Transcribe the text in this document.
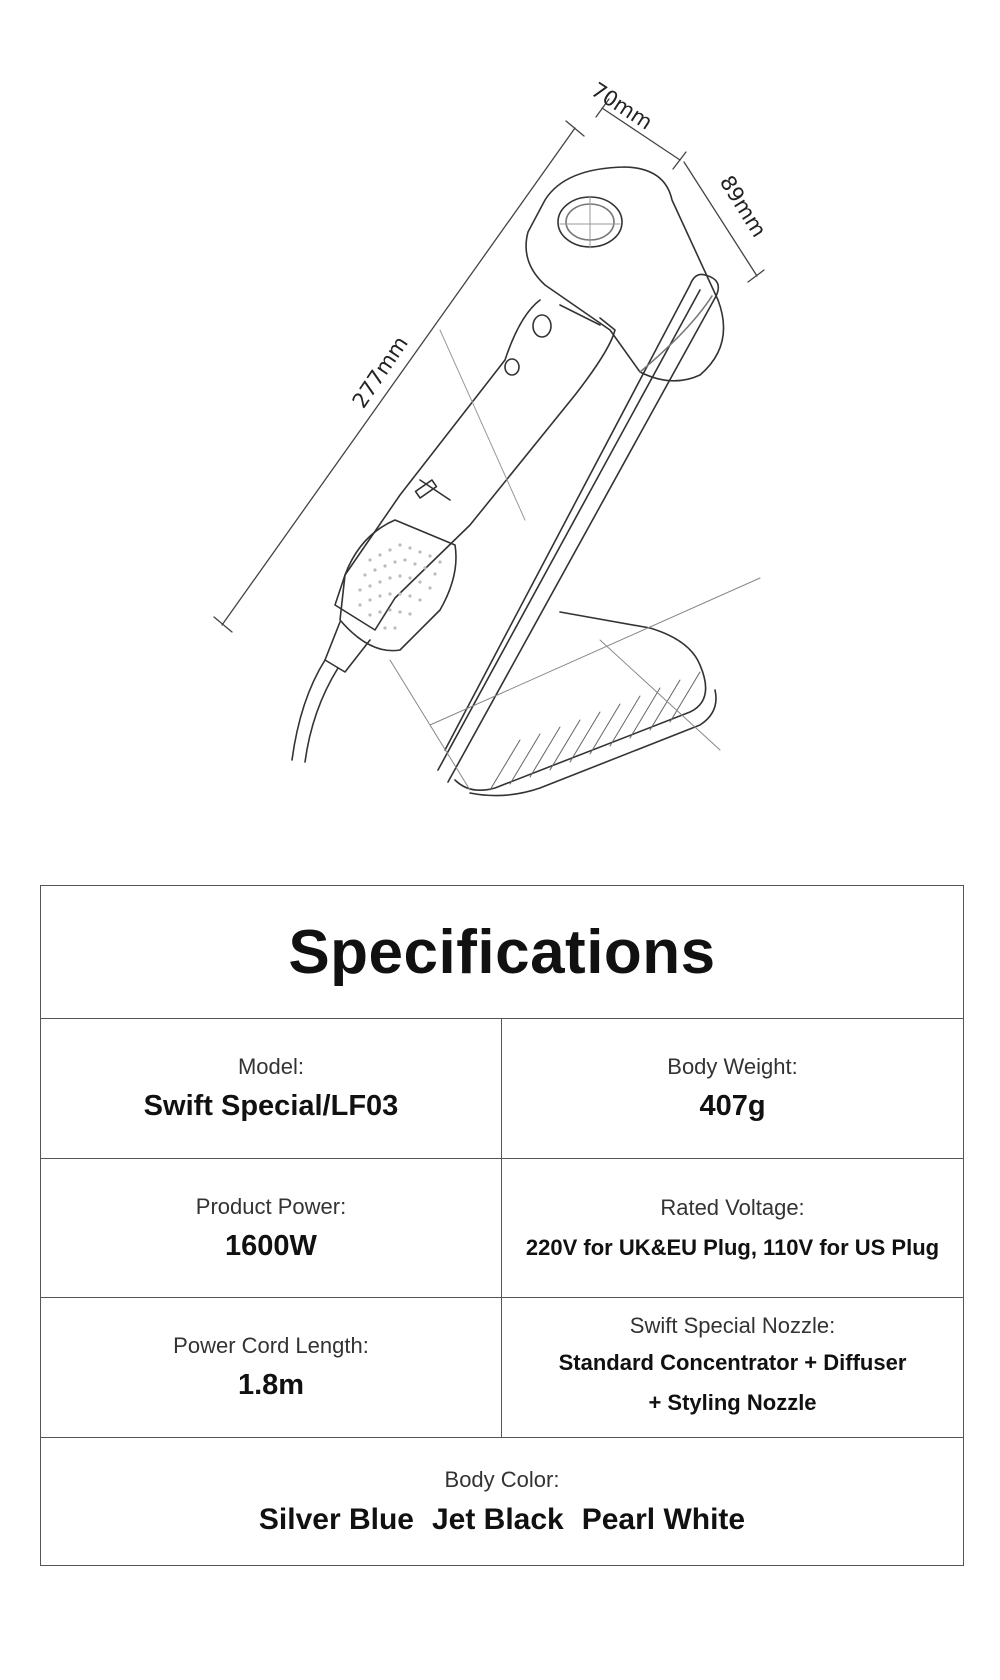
70mm
89mm
277mm
Specifications
Model:
Swift Special/LF03
Body Weight:
407g
Product Power:
1600W
Rated Voltage:
220V for UK&EU Plug, 110V for US Plug
Power Cord Length:
1.8m
Swift Special Nozzle:
Standard Concentrator + Diffuser
+ Styling Nozzle
Body Color:
Silver Blue Jet Black Pearl White
